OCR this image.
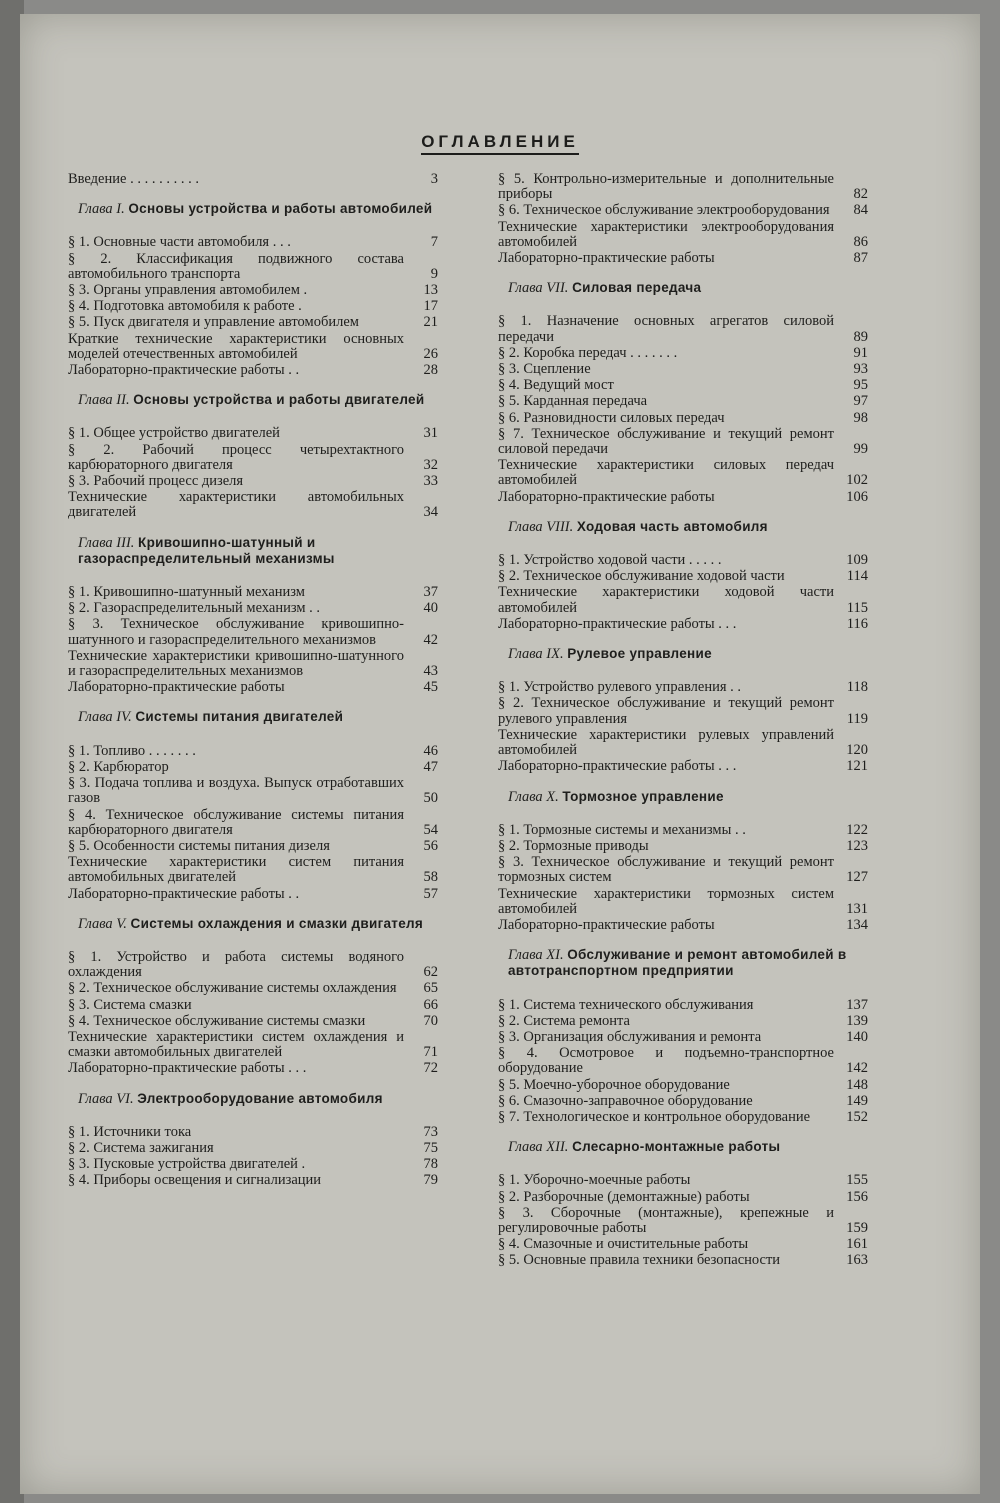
ОГЛАВЛЕНИЕ
Введение . . . . . . . . . .	3
Глава I. Основы устройства и работы автомобилей
§ 1. Основные части автомобиля . . .	7
§ 2. Классификация подвижного состава автомобильного транспорта	9
§ 3. Органы управления автомобилем .	13
§ 4. Подготовка автомобиля к работе .	17
§ 5. Пуск двигателя и управление автомобилем	21
Краткие технические характеристики основных моделей отечественных автомобилей	26
Лабораторно-практические работы . .	28
Глава II. Основы устройства и работы двигателей
§ 1. Общее устройство двигателей	31
§ 2. Рабочий процесс четырехтактного карбюраторного двигателя	32
§ 3. Рабочий процесс дизеля	33
Технические характеристики автомобильных двигателей	34
Глава III. Кривошипно-шатунный и газораспределительный механизмы
§ 1. Кривошипно-шатунный механизм	37
§ 2. Газораспределительный механизм . .	40
§ 3. Техническое обслуживание кривошипно-шатунного и газораспределительного механизмов	42
Технические характеристики кривошипно-шатунного и газораспределительных механизмов	43
Лабораторно-практические работы	45
Глава IV. Системы питания двигателей
§ 1. Топливо . . . . . . .	46
§ 2. Карбюратор	47
§ 3. Подача топлива и воздуха. Выпуск отработавших газов	50
§ 4. Техническое обслуживание системы питания карбюраторного двигателя	54
§ 5. Особенности системы питания дизеля	56
Технические характеристики систем питания автомобильных двигателей	58
Лабораторно-практические работы . .	57
Глава V. Системы охлаждения и смазки двигателя
§ 1. Устройство и работа системы водяного охлаждения	62
§ 2. Техническое обслуживание системы охлаждения	65
§ 3. Система смазки	66
§ 4. Техническое обслуживание системы смазки	70
Технические характеристики систем охлаждения и смазки автомобильных двигателей	71
Лабораторно-практические работы . . .	72
Глава VI. Электрооборудование автомобиля
§ 1. Источники тока	73
§ 2. Система зажигания	75
§ 3. Пусковые устройства двигателей .	78
§ 4. Приборы освещения и сигнализации	79
§ 5. Контрольно-измерительные и дополнительные приборы	82
§ 6. Техническое обслуживание электрооборудования	84
Технические характеристики электрооборудования автомобилей	86
Лабораторно-практические работы	87
Глава VII. Силовая передача
§ 1. Назначение основных агрегатов силовой передачи	89
§ 2. Коробка передач . . . . . . .	91
§ 3. Сцепление	93
§ 4. Ведущий мост	95
§ 5. Карданная передача	97
§ 6. Разновидности силовых передач	98
§ 7. Техническое обслуживание и текущий ремонт силовой передачи	99
Технические характеристики силовых передач автомобилей	102
Лабораторно-практические работы	106
Глава VIII. Ходовая часть автомобиля
§ 1. Устройство ходовой части . . . . .	109
§ 2. Техническое обслуживание ходовой части	114
Технические характеристики ходовой части автомобилей	115
Лабораторно-практические работы . . .	116
Глава IX. Рулевое управление
§ 1. Устройство рулевого управления . .	118
§ 2. Техническое обслуживание и текущий ремонт рулевого управления	119
Технические характеристики рулевых управлений автомобилей	120
Лабораторно-практические работы . . .	121
Глава X. Тормозное управление
§ 1. Тормозные системы и механизмы . .	122
§ 2. Тормозные приводы	123
§ 3. Техническое обслуживание и текущий ремонт тормозных систем	127
Технические характеристики тормозных систем автомобилей	131
Лабораторно-практические работы	134
Глава XI. Обслуживание и ремонт автомобилей в автотранспортном предприятии
§ 1. Система технического обслуживания	137
§ 2. Система ремонта	139
§ 3. Организация обслуживания и ремонта	140
§ 4. Осмотровое и подъемно-транспортное оборудование	142
§ 5. Моечно-уборочное оборудование	148
§ 6. Смазочно-заправочное оборудование	149
§ 7. Технологическое и контрольное оборудование	152
Глава XII. Слесарно-монтажные работы
§ 1. Уборочно-моечные работы	155
§ 2. Разборочные (демонтажные) работы	156
§ 3. Сборочные (монтажные), крепежные и регулировочные работы	159
§ 4. Смазочные и очистительные работы	161
§ 5. Основные правила техники безопасности	163
